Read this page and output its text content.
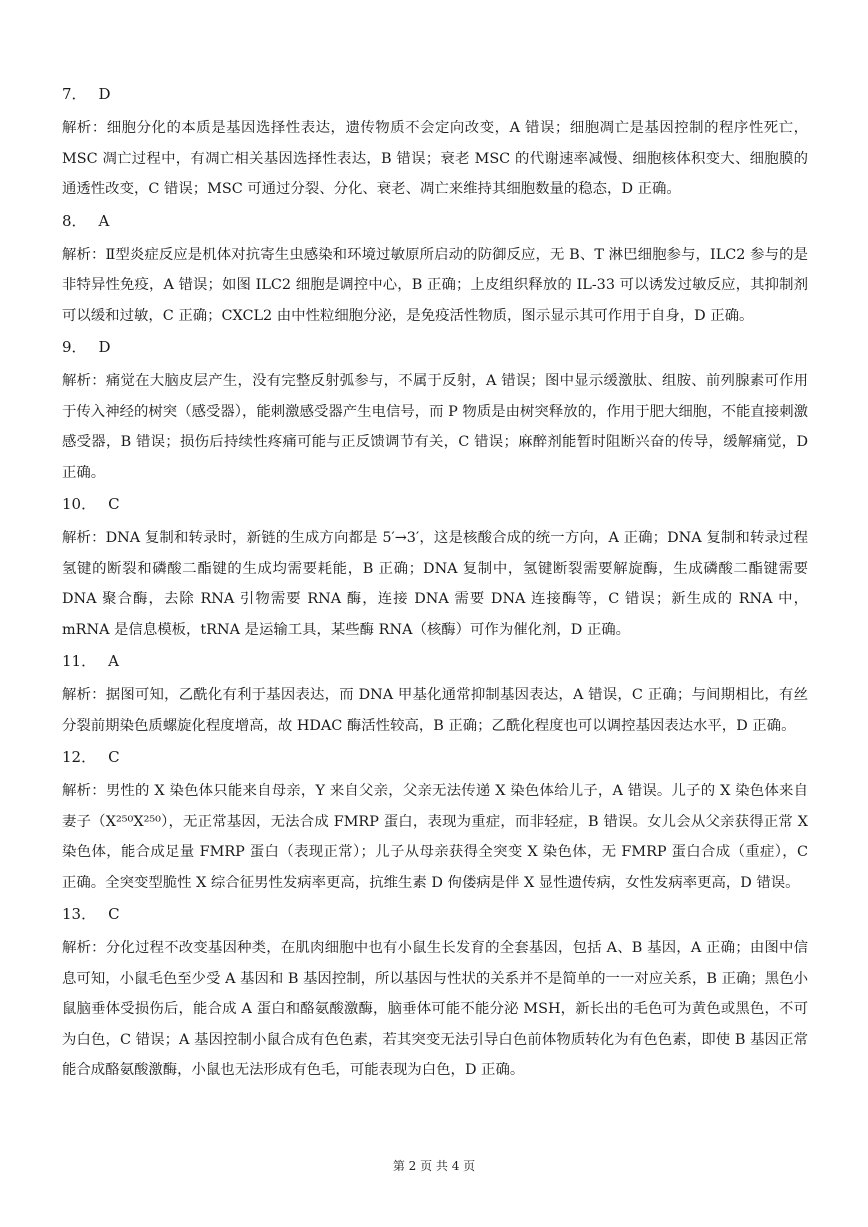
7． D
解析：细胞分化的本质是基因选择性表达，遗传物质不会定向改变，A 错误；细胞凋亡是基因控制的程序性死亡，MSC 凋亡过程中，有凋亡相关基因选择性表达，B 错误；衰老 MSC 的代谢速率减慢、细胞核体积变大、细胞膜的通透性改变，C 错误；MSC 可通过分裂、分化、衰老、凋亡来维持其细胞数量的稳态，D 正确。
8． A
解析：Ⅱ型炎症反应是机体对抗寄生虫感染和环境过敏原所启动的防御反应，无 B、T 淋巴细胞参与，ILC2 参与的是非特异性免疫，A 错误；如图 ILC2 细胞是调控中心，B 正确；上皮组织释放的 IL-33 可以诱发过敏反应，其抑制剂可以缓和过敏，C 正确；CXCL2 由中性粒细胞分泌，是免疫活性物质，图示显示其可作用于自身，D 正确。
9． D
解析：痛觉在大脑皮层产生，没有完整反射弧参与，不属于反射，A 错误；图中显示缓激肽、组胺、前列腺素可作用于传入神经的树突（感受器），能刺激感受器产生电信号，而 P 物质是由树突释放的，作用于肥大细胞，不能直接刺激感受器，B 错误；损伤后持续性疼痛可能与正反馈调节有关，C 错误；麻醉剂能暂时阻断兴奋的传导，缓解痛觉，D 正确。
10． C
解析：DNA 复制和转录时，新链的生成方向都是 5′→3′，这是核酸合成的统一方向，A 正确；DNA 复制和转录过程氢键的断裂和磷酸二酯键的生成均需要耗能，B 正确；DNA 复制中，氢键断裂需要解旋酶，生成磷酸二酯键需要 DNA 聚合酶，去除 RNA 引物需要 RNA 酶，连接 DNA 需要 DNA 连接酶等，C 错误；新生成的 RNA 中，mRNA 是信息模板，tRNA 是运输工具，某些酶 RNA（核酶）可作为催化剂，D 正确。
11． A
解析：据图可知，乙酰化有利于基因表达，而 DNA 甲基化通常抑制基因表达，A 错误，C 正确；与间期相比，有丝分裂前期染色质螺旋化程度增高，故 HDAC 酶活性较高，B 正确；乙酰化程度也可以调控基因表达水平，D 正确。
12． C
解析：男性的 X 染色体只能来自母亲，Y 来自父亲，父亲无法传递 X 染色体给儿子，A 错误。儿子的 X 染色体来自妻子（X²⁵⁰X²⁵⁰），无正常基因，无法合成 FMRP 蛋白，表现为重症，而非轻症，B 错误。女儿会从父亲获得正常 X 染色体，能合成足量 FMRP 蛋白（表现正常）；儿子从母亲获得全突变 X 染色体，无 FMRP 蛋白合成（重症），C 正确。全突变型脆性 X 综合征男性发病率更高，抗维生素 D 佝偻病是伴 X 显性遗传病，女性发病率更高，D 错误。
13． C
解析：分化过程不改变基因种类，在肌肉细胞中也有小鼠生长发育的全套基因，包括 A、B 基因，A 正确；由图中信息可知，小鼠毛色至少受 A 基因和 B 基因控制，所以基因与性状的关系并不是简单的一一对应关系，B 正确；黑色小鼠脑垂体受损伤后，能合成 A 蛋白和酪氨酸激酶，脑垂体可能不能分泌 MSH，新长出的毛色可为黄色或黑色，不可为白色，C 错误；A 基因控制小鼠合成有色色素，若其突变无法引导白色前体物质转化为有色色素，即使 B 基因正常能合成酪氨酸激酶，小鼠也无法形成有色毛，可能表现为白色，D 正确。
第 2 页 共 4 页
